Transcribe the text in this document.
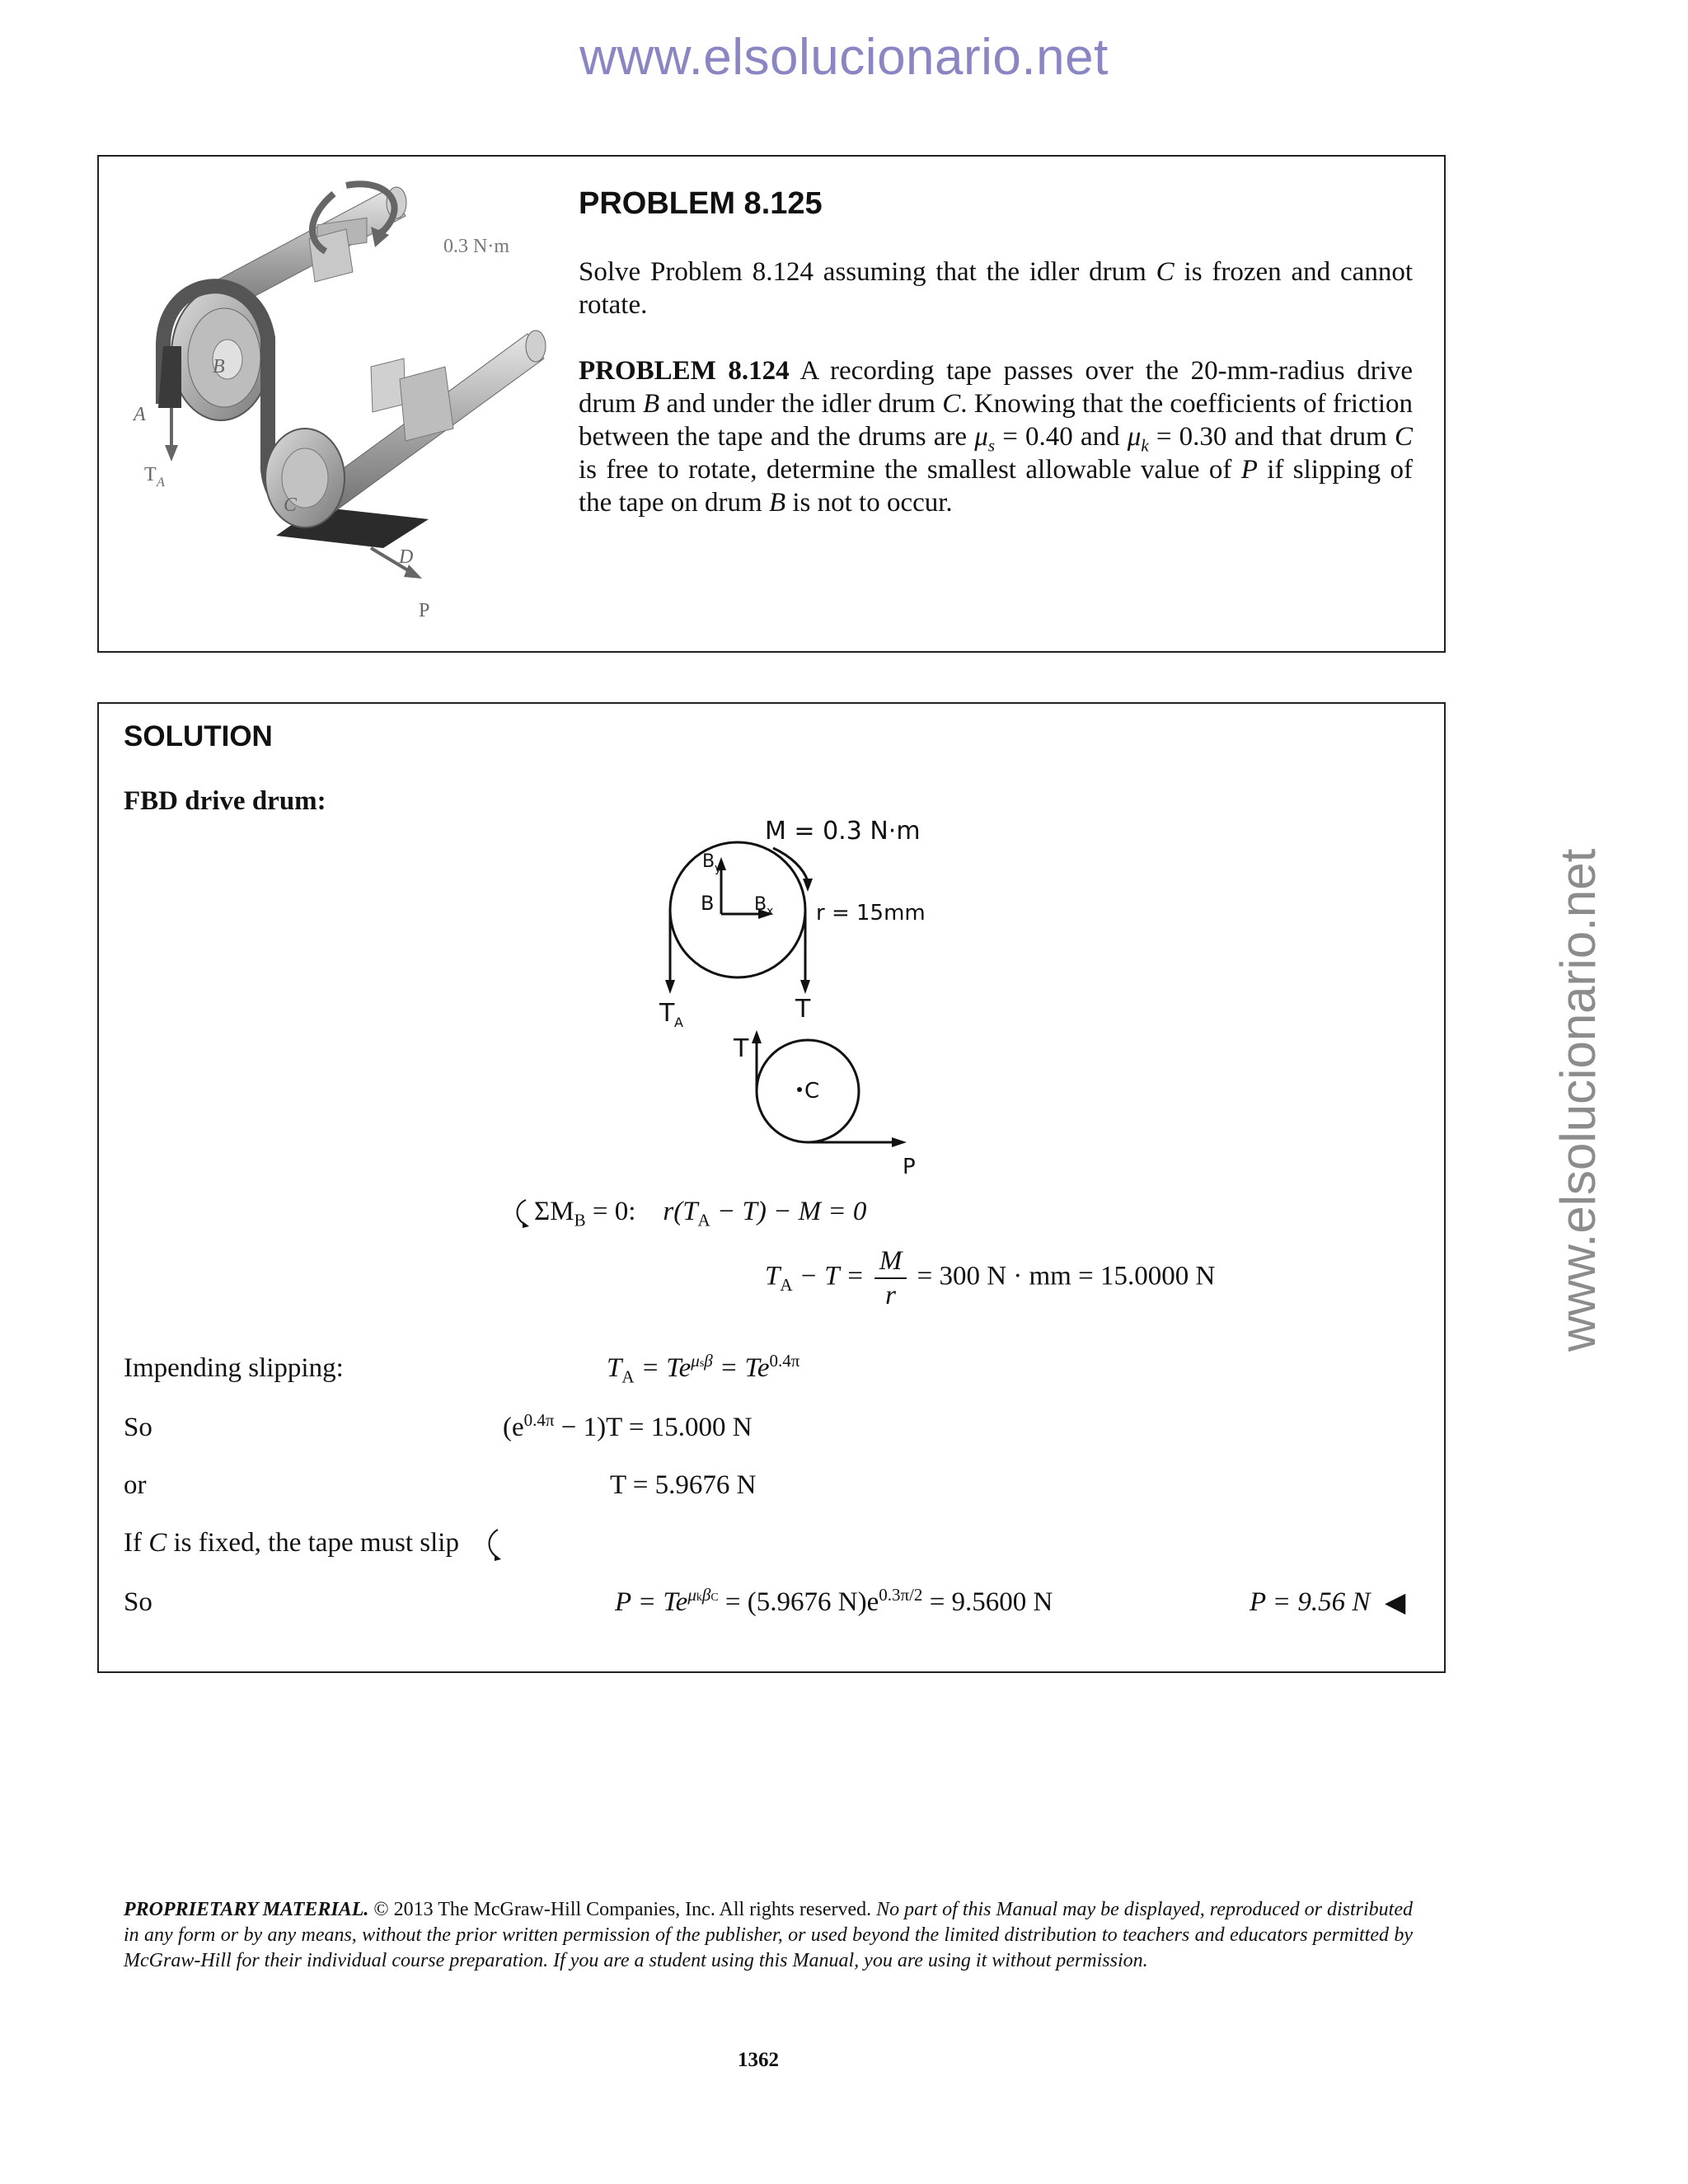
www.elsolucionario.net
www.elsolucionario.net
0.3 N·m
A
B
C
D
T A
P
PROBLEM 8.125
Solve Problem 8.124 assuming that the idler drum C is frozen and cannot rotate.
PROBLEM 8.124 A recording tape passes over the 20-mm-radius drive drum B and under the idler drum C. Knowing that the coefficients of friction between the tape and the drums are $\mu_s = 0.40$ and $\mu_k = 0.30$ and that drum C is free to rotate, determine the smallest allowable value of P if slipping of the tape on drum B is not to occur.
SOLUTION
FBD drive drum:
M = 0.3 N·m
r = 15mm
B
B y
B x
T A	T
T
C
P
$\Sigma M_B = 0$: $r(T_A - T) - M = 0$
$T_A - T = \frac{M}{r} = 300$ N · mm = 15.0000 N
Impending slipping:	$T_A = Te^{\mu s\beta} = Te^{0.4\pi}$
So	$(e^{0.4\pi} - 1)T = 15.000$ N
or	T = 5.9676 N
If C is fixed, the tape must slip
So	$P = Te^{\mu k\beta C} = (5.9676$ $N)e^{0.3\pi/2} = 9.5600$ N	P = 9.56 N ◀
PROPRIETARY MATERIAL. © 2013 The McGraw-Hill Companies, Inc. All rights reserved. No part of this Manual may be displayed, reproduced or distributed in any form or by any means, without the prior written permission of the publisher, or used beyond the limited distribution to teachers and educators permitted by McGraw-Hill for their individual course preparation. If you are a student using this Manual, you are using it without permission.
1362
